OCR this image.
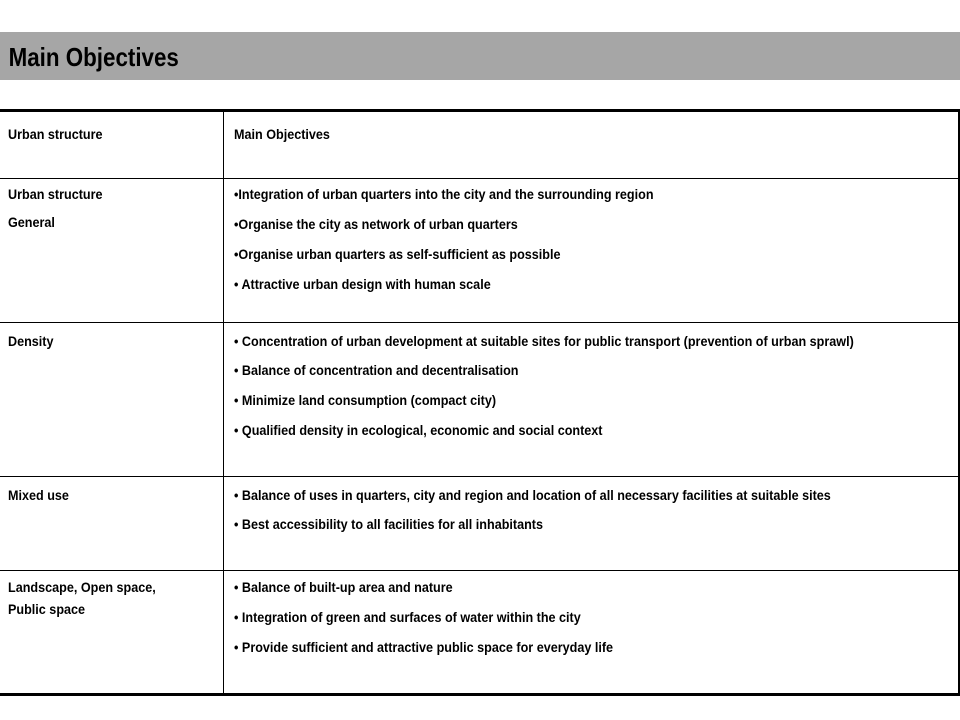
Main Objectives
Urban structure	Main Objectives

Urban structure
General	•Integration of urban quarters into the city and the surrounding region
•Organise the city as network of urban quarters
•Organise urban quarters as self-sufficient as possible
• Attractive urban design with human scale

Density	• Concentration of urban development at suitable sites for public transport (prevention of urban sprawl)
• Balance of concentration and decentralisation
• Minimize land consumption (compact city)
• Qualified density in ecological, economic and social context

Mixed use	• Balance of uses in quarters, city and region and location of all necessary facilities at suitable sites
• Best accessibility to all facilities for all inhabitants

Landscape, Open space,
Public space	• Balance of built-up area and nature
• Integration of green and surfaces of water within the city
• Provide sufficient and attractive public space for everyday life
